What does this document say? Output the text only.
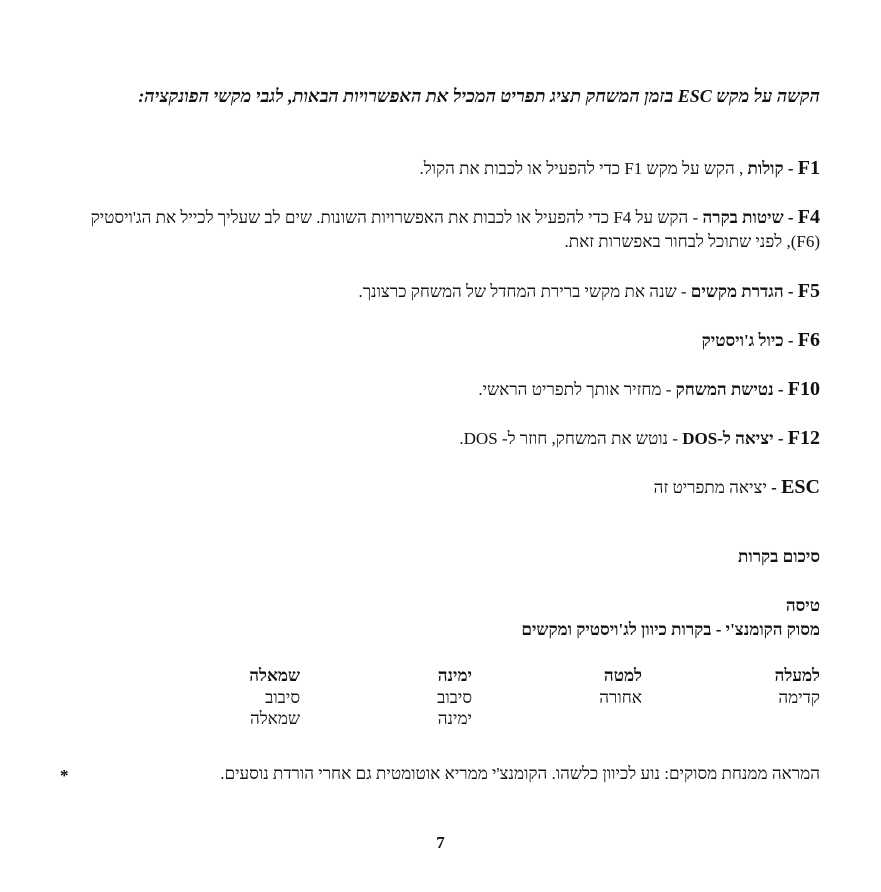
הקשה על מקש ESC בזמן המשחק תציג תפריט המכיל את האפשרויות הבאות, לגבי מקשי הפונקציה:
F1 - קולות , הקש על מקש F1 כדי להפעיל או לכבות את הקול.
F4 - שיטות בקרה - הקש על F4 כדי להפעיל או לכבות את האפשרויות השונות. שים לב שעליך לכייל את הג'ויסטיק (F6), לפני שתוכל לבחור באפשרות זאת.
F5 - הגדרת מקשים - שנה את מקשי ברירת המחדל של המשחק כרצונך.
F6 - כיול ג'ויסטיק
F10 - נטישת המשחק - מחזיר אותך לתפריט הראשי.
F12 - יציאה ל-DOS - נוטש את המשחק, חוזר ל- DOS.
ESC - יציאה מתפריט זה
סיכום בקרות
טיסה
מסוק הקומנצ'י - בקרות כיוון לג'ויסטיק ומקשים
למעלה
קדימה
למטה
אחורה
ימינה
סיבוב
ימינה
שמאלה
סיבוב
שמאלה
*	המראה ממנחת מסוקים: נוע לכיוון כלשהו. הקומנצ'י ממריא אוטומטית גם אחרי הורדת נוסעים.
7
